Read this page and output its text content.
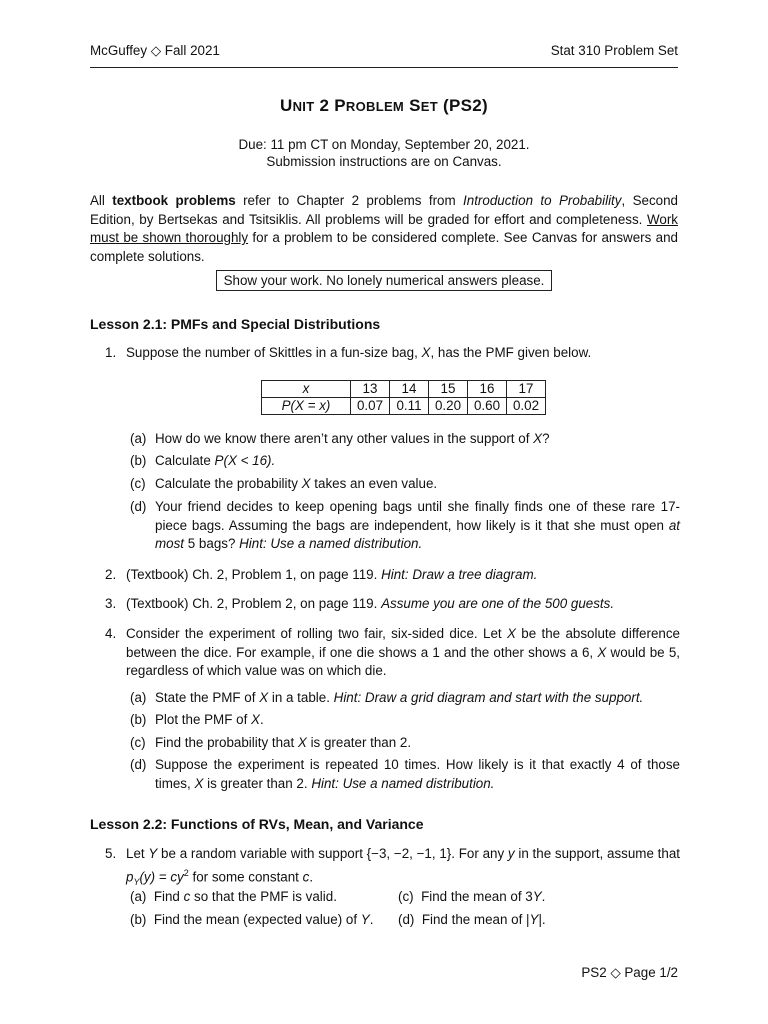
McGuffey ◇ Fall 2021	Stat 310 Problem Set
UNIT 2 PROBLEM SET (PS2)
Due: 11 pm CT on Monday, September 20, 2021.
Submission instructions are on Canvas.

All textbook problems refer to Chapter 2 problems from Introduction to Probability, Second Edition, by Bertsekas and Tsitsiklis. All problems will be graded for effort and completeness. Work must be shown thoroughly for a problem to be considered complete. See Canvas for answers and complete solutions.

Show your work. No lonely numerical answers please.
Lesson 2.1: PMFs and Special Distributions
1. Suppose the number of Skittles in a fun-size bag, X, has the PMF given below.
x	13	14	15	16	17
P(X = x)	0.07	0.11	0.20	0.60	0.02
(a) How do we know there aren’t any other values in the support of X?
(b) Calculate P(X < 16).
(c) Calculate the probability X takes an even value.
(d) Your friend decides to keep opening bags until she finally finds one of these rare 17-piece bags. Assuming the bags are independent, how likely is it that she must open at most 5 bags? Hint: Use a named distribution.
2. (Textbook) Ch. 2, Problem 1, on page 119. Hint: Draw a tree diagram.
3. (Textbook) Ch. 2, Problem 2, on page 119. Assume you are one of the 500 guests.
4. Consider the experiment of rolling two fair, six-sided dice. Let X be the absolute difference between the dice. For example, if one die shows a 1 and the other shows a 6, X would be 5, regardless of which value was on which die.
(a) State the PMF of X in a table. Hint: Draw a grid diagram and start with the support.
(b) Plot the PMF of X.
(c) Find the probability that X is greater than 2.
(d) Suppose the experiment is repeated 10 times. How likely is it that exactly 4 of those times, X is greater than 2. Hint: Use a named distribution.
Lesson 2.2: Functions of RVs, Mean, and Variance
5. Let Y be a random variable with support {−3, −2, −1, 1}. For any y in the support, assume that $p_Y(y) = cy^2$ for some constant c.
(a) Find c so that the PMF is valid.	(c) Find the mean of 3Y.
(b) Find the mean (expected value) of Y. (d) Find the mean of |Y|.
PS2 ◇ Page 1/2
